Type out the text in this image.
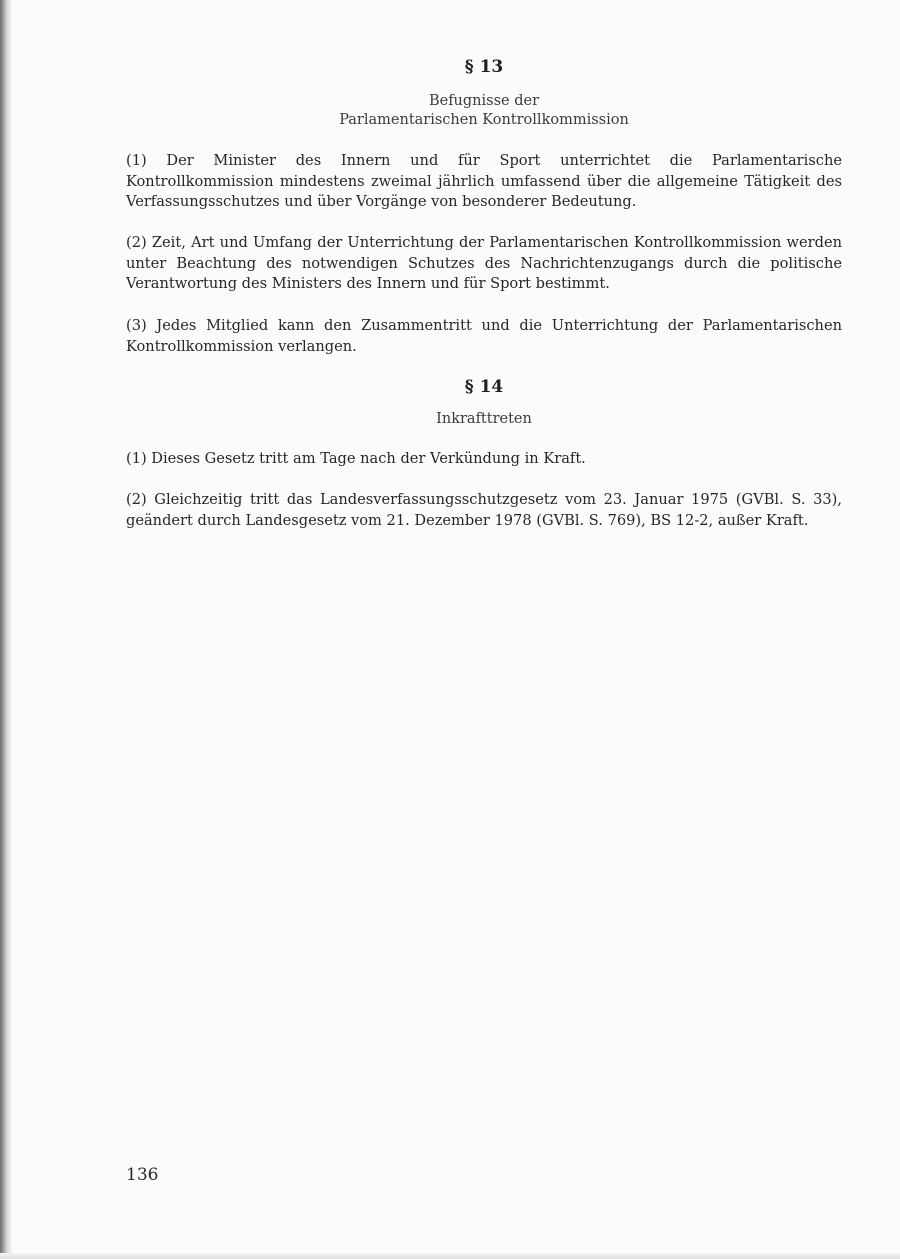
§ 13
Befugnisse der
Parlamentarischen Kontrollkommission

(1) Der Minister des Innern und für Sport unterrichtet die Parlamentarische Kontrollkommission mindestens zweimal jährlich umfassend über die allgemeine Tätigkeit des Verfassungsschutzes und über Vorgänge von besonderer Bedeutung.

(2) Zeit, Art und Umfang der Unterrichtung der Parlamentarischen Kontrollkommission werden unter Beachtung des notwendigen Schutzes des Nachrichtenzugangs durch die politische Verantwortung des Ministers des Innern und für Sport bestimmt.

(3) Jedes Mitglied kann den Zusammentritt und die Unterrichtung der Parlamentarischen Kontrollkommission verlangen.

§ 14
Inkrafttreten

(1) Dieses Gesetz tritt am Tage nach der Verkündung in Kraft.

(2) Gleichzeitig tritt das Landesverfassungsschutzgesetz vom 23. Januar 1975 (GVBl. S. 33), geändert durch Landesgesetz vom 21. Dezember 1978 (GVBl. S. 769), BS 12-2, außer Kraft.

136
